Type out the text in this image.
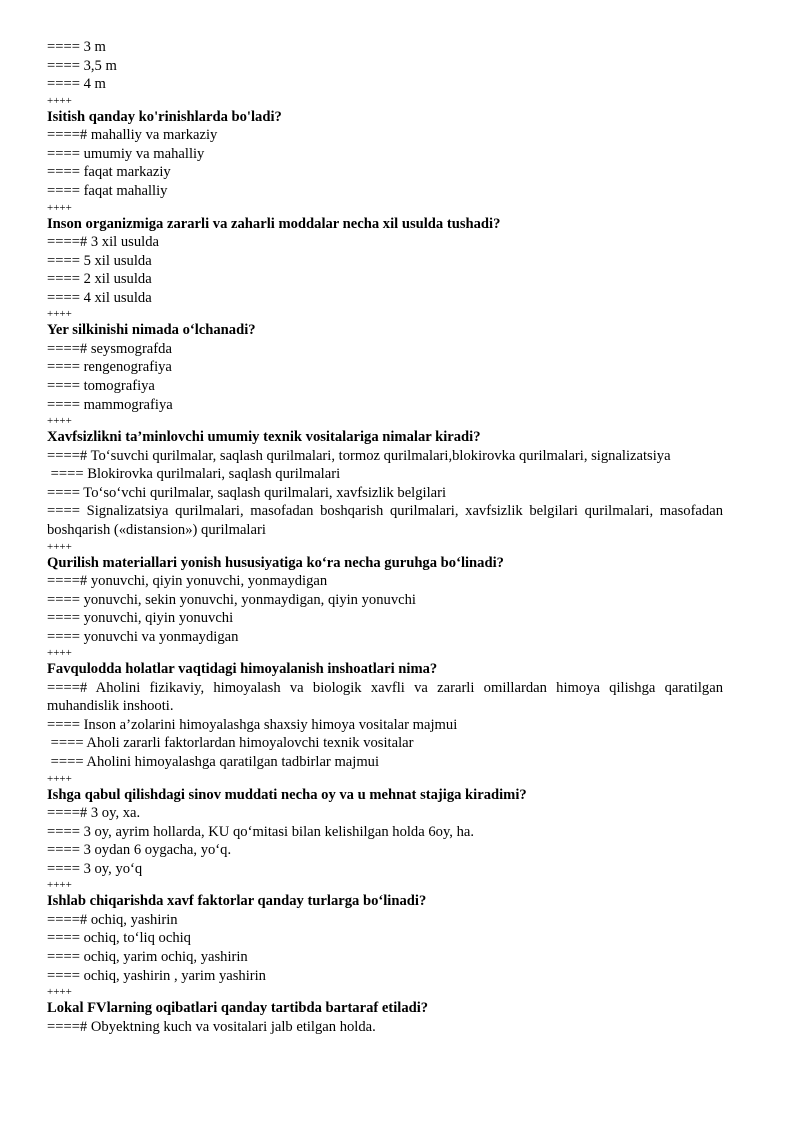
==== 3 m
==== 3,5 m
==== 4 m
++++
Isitish qanday ko'rinishlarda bo'ladi?
====# mahalliy va markaziy
==== umumiy va mahalliy
==== faqat markaziy
==== faqat mahalliy
++++
Inson organizmiga zararli va zaharli moddalar necha xil usulda tushadi?
====# 3 xil usulda
==== 5 xil usulda
==== 2 xil usulda
==== 4 xil usulda
++++
Yer silkinishi nimada o‘lchanadi?
====# seysmografda
==== rengenografiya
==== tomografiya
==== mammografiya
++++
Xavfsizlikni ta’minlovchi umumiy texnik vositalariga nimalar kiradi?
====# To‘suvchi qurilmalar, saqlash qurilmalari, tormoz qurilmalari,blokirovka qurilmalari, signalizatsiya
==== Blokirovka qurilmalari, saqlash qurilmalari
==== To‘so‘vchi qurilmalar, saqlash qurilmalari, xavfsizlik belgilari
==== Signalizatsiya qurilmalari, masofadan boshqarish qurilmalari, xavfsizlik belgilari qurilmalari, masofadan boshqarish («distansion») qurilmalari
++++
Qurilish materiallari yonish hususiyatiga ko‘ra necha guruhga bo‘linadi?
====# yonuvchi, qiyin yonuvchi, yonmaydigan
==== yonuvchi, sekin yonuvchi, yonmaydigan, qiyin yonuvchi
==== yonuvchi, qiyin yonuvchi
==== yonuvchi va yonmaydigan
++++
Favqulodda holatlar vaqtidagi himoyalanish inshoatlari nima?
====# Aholini fizikaviy, himoyalash va biologik xavfli va zararli omillardan himoya qilishga qaratilgan muhandislik inshooti.
==== Inson a’zolarini himoyalashga shaxsiy himoya vositalar majmui
==== Aholi zararli faktorlardan himoyalovchi texnik vositalar
==== Aholini himoyalashga qaratilgan tadbirlar majmui
++++
Ishga qabul qilishdagi sinov muddati necha oy va u mehnat stajiga kiradimi?
====# 3 oy, xa.
==== 3 oy, ayrim hollarda, KU qo‘mitasi bilan kelishilgan holda 6oy, ha.
==== 3 oydan 6 oygacha, yo‘q.
==== 3 oy, yo‘q
++++
Ishlab chiqarishda xavf faktorlar qanday turlarga bo‘linadi?
====# ochiq, yashirin
==== ochiq, to‘liq ochiq
==== ochiq, yarim ochiq, yashirin
==== ochiq, yashirin , yarim yashirin
++++
Lokal FVlarning oqibatlari qanday tartibda bartaraf etiladi?
====# Obyektning kuch va vositalari jalb etilgan holda.
